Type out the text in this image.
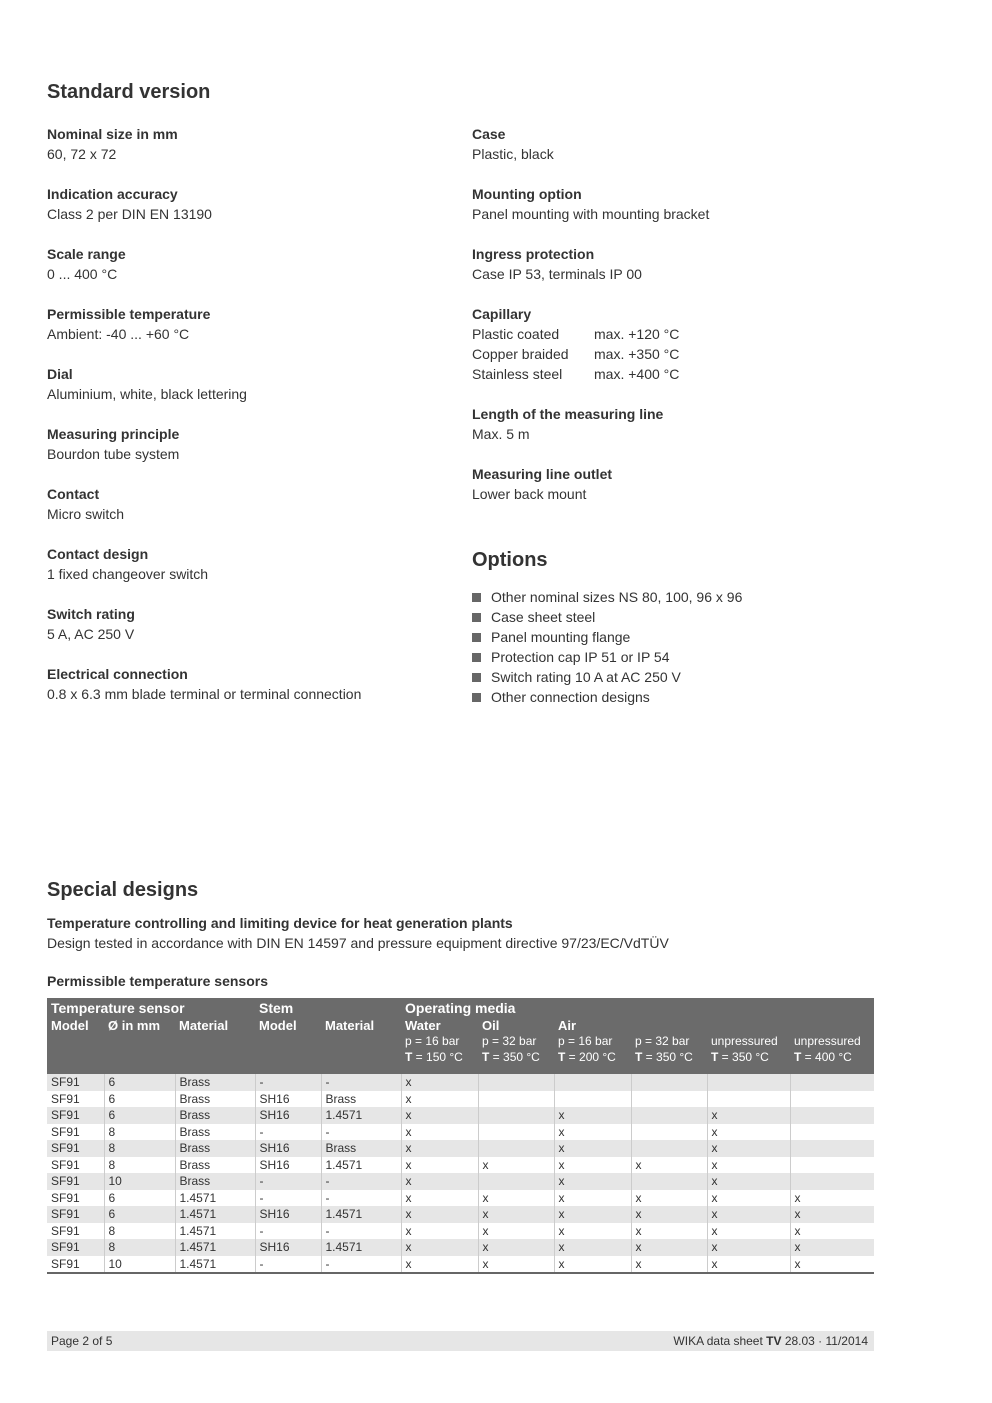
Standard version
Nominal size in mm
60, 72 x 72
Indication accuracy
Class 2 per DIN EN 13190
Scale range
0 ... 400 °C
Permissible temperature
Ambient: -40 ... +60 °C
Dial
Aluminium, white, black lettering
Measuring principle
Bourdon tube system
Contact
Micro switch
Contact design
1 fixed changeover switch
Switch rating
5 A, AC 250 V
Electrical connection
0.8 x 6.3 mm blade terminal or terminal connection
Case
Plastic, black
Mounting option
Panel mounting with mounting bracket
Ingress protection
Case IP 53, terminals IP 00
Capillary
Plastic coated	max. +120 °C
Copper braided	max. +350 °C
Stainless steel	max. +400 °C
Length of the measuring line
Max. 5 m
Measuring line outlet
Lower back mount
Options
Other nominal sizes NS 80, 100, 96 x 96
Case sheet steel
Panel mounting flange
Protection cap IP 51 or IP 54
Switch rating 10 A at AC 250 V
Other connection designs
Special designs
Temperature controlling and limiting device for heat generation plants
Design tested in accordance with DIN EN 14597 and pressure equipment directive 97/23/EC/VdTÜV
Permissible temperature sensors
Temperature sensor			Stem		Operating media					
Model	Ø in mm	Material	Model	Material	Water	Oil	Air			
					p = 16 bar	p = 32 bar	p = 16 bar	p = 32 bar	unpressured	unpressured
					T = 150 °C	T = 350 °C	T = 200 °C	T = 350 °C	T = 350 °C	T = 400 °C
SF91	6	Brass	-	-	x					
SF91	6	Brass	SH16	Brass	x					
SF91	6	Brass	SH16	1.4571	x		x		x	
SF91	8	Brass	-	-	x		x		x	
SF91	8	Brass	SH16	Brass	x		x		x	
SF91	8	Brass	SH16	1.4571	x	x	x	x	x	
SF91	10	Brass	-	-	x		x		x	
SF91	6	1.4571	-	-	x	x	x	x	x	x
SF91	6	1.4571	SH16	1.4571	x	x	x	x	x	x
SF91	8	1.4571	-	-	x	x	x	x	x	x
SF91	8	1.4571	SH16	1.4571	x	x	x	x	x	x
SF91	10	1.4571	-	-	x	x	x	x	x	x
Page 2 of 5	WIKA data sheet TV 28.03 · 11/2014
